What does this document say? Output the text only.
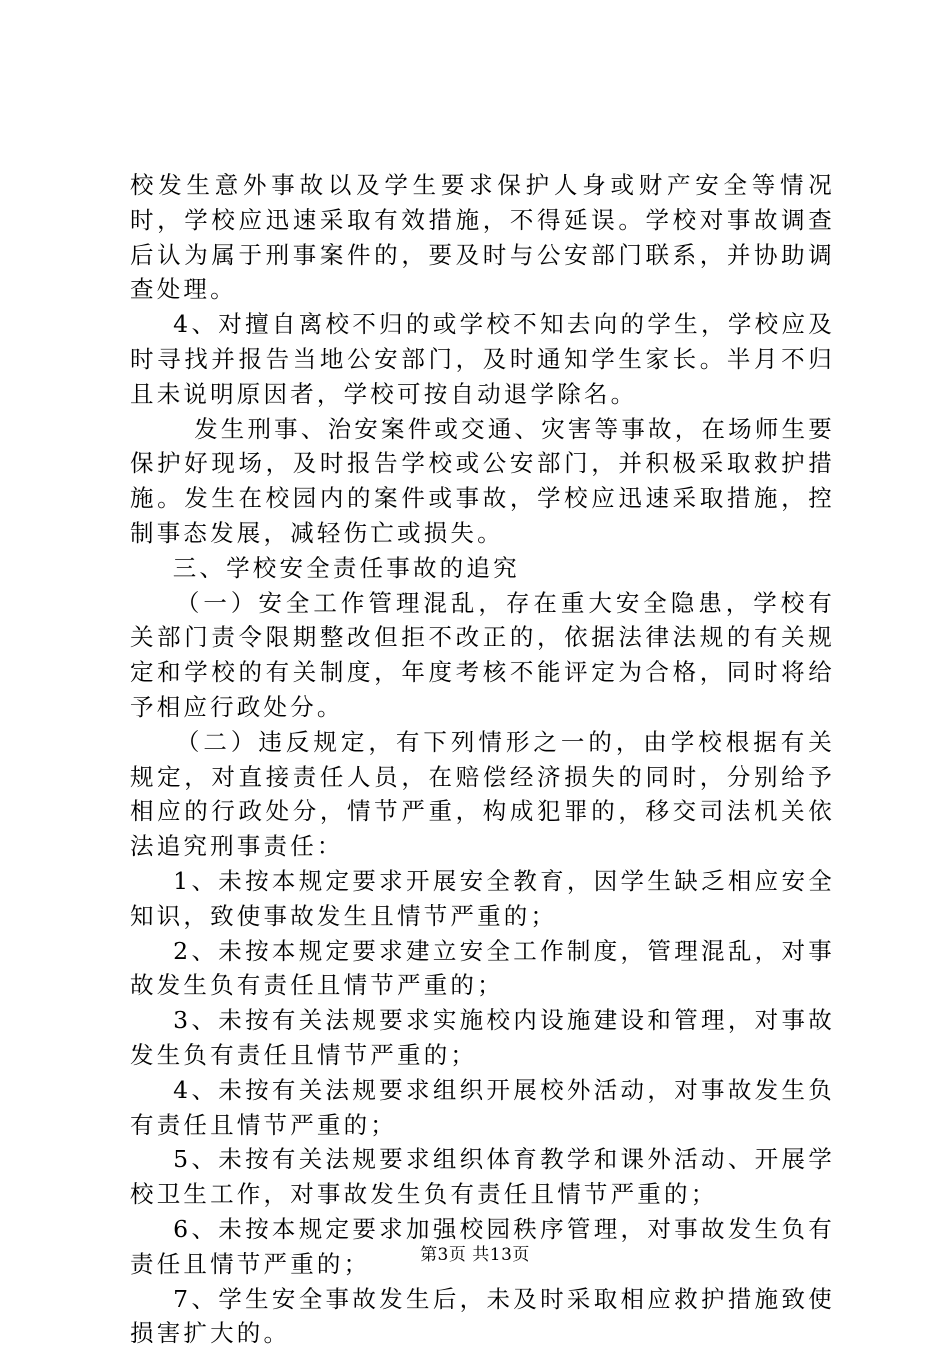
校发生意外事故以及学生要求保护人身或财产安全等情况时，学校应迅速采取有效措施，不得延误。学校对事故调查后认为属于刑事案件的，要及时与公安部门联系，并协助调查处理。

4、对擅自离校不归的或学校不知去向的学生，学校应及时寻找并报告当地公安部门，及时通知学生家长。半月不归且未说明原因者，学校可按自动退学除名。

发生刑事、治安案件或交通、灾害等事故，在场师生要保护好现场，及时报告学校或公安部门，并积极采取救护措施。发生在校园内的案件或事故，学校应迅速采取措施，控制事态发展，减轻伤亡或损失。

三、学校安全责任事故的追究

（一）安全工作管理混乱，存在重大安全隐患，学校有关部门责令限期整改但拒不改正的，依据法律法规的有关规定和学校的有关制度，年度考核不能评定为合格，同时将给予相应行政处分。

（二）违反规定，有下列情形之一的，由学校根据有关规定，对直接责任人员，在赔偿经济损失的同时，分别给予相应的行政处分，情节严重，构成犯罪的，移交司法机关依法追究刑事责任：

1、未按本规定要求开展安全教育，因学生缺乏相应安全知识，致使事故发生且情节严重的；

2、未按本规定要求建立安全工作制度，管理混乱，对事故发生负有责任且情节严重的；

3、未按有关法规要求实施校内设施建设和管理，对事故发生负有责任且情节严重的；

4、未按有关法规要求组织开展校外活动，对事故发生负有责任且情节严重的；

5、未按有关法规要求组织体育教学和课外活动、开展学校卫生工作，对事故发生负有责任且情节严重的；

6、未按本规定要求加强校园秩序管理，对事故发生负有责任且情节严重的；

7、学生安全事故发生后，未及时采取相应救护措施致使损害扩大的。

第3页 共13页
